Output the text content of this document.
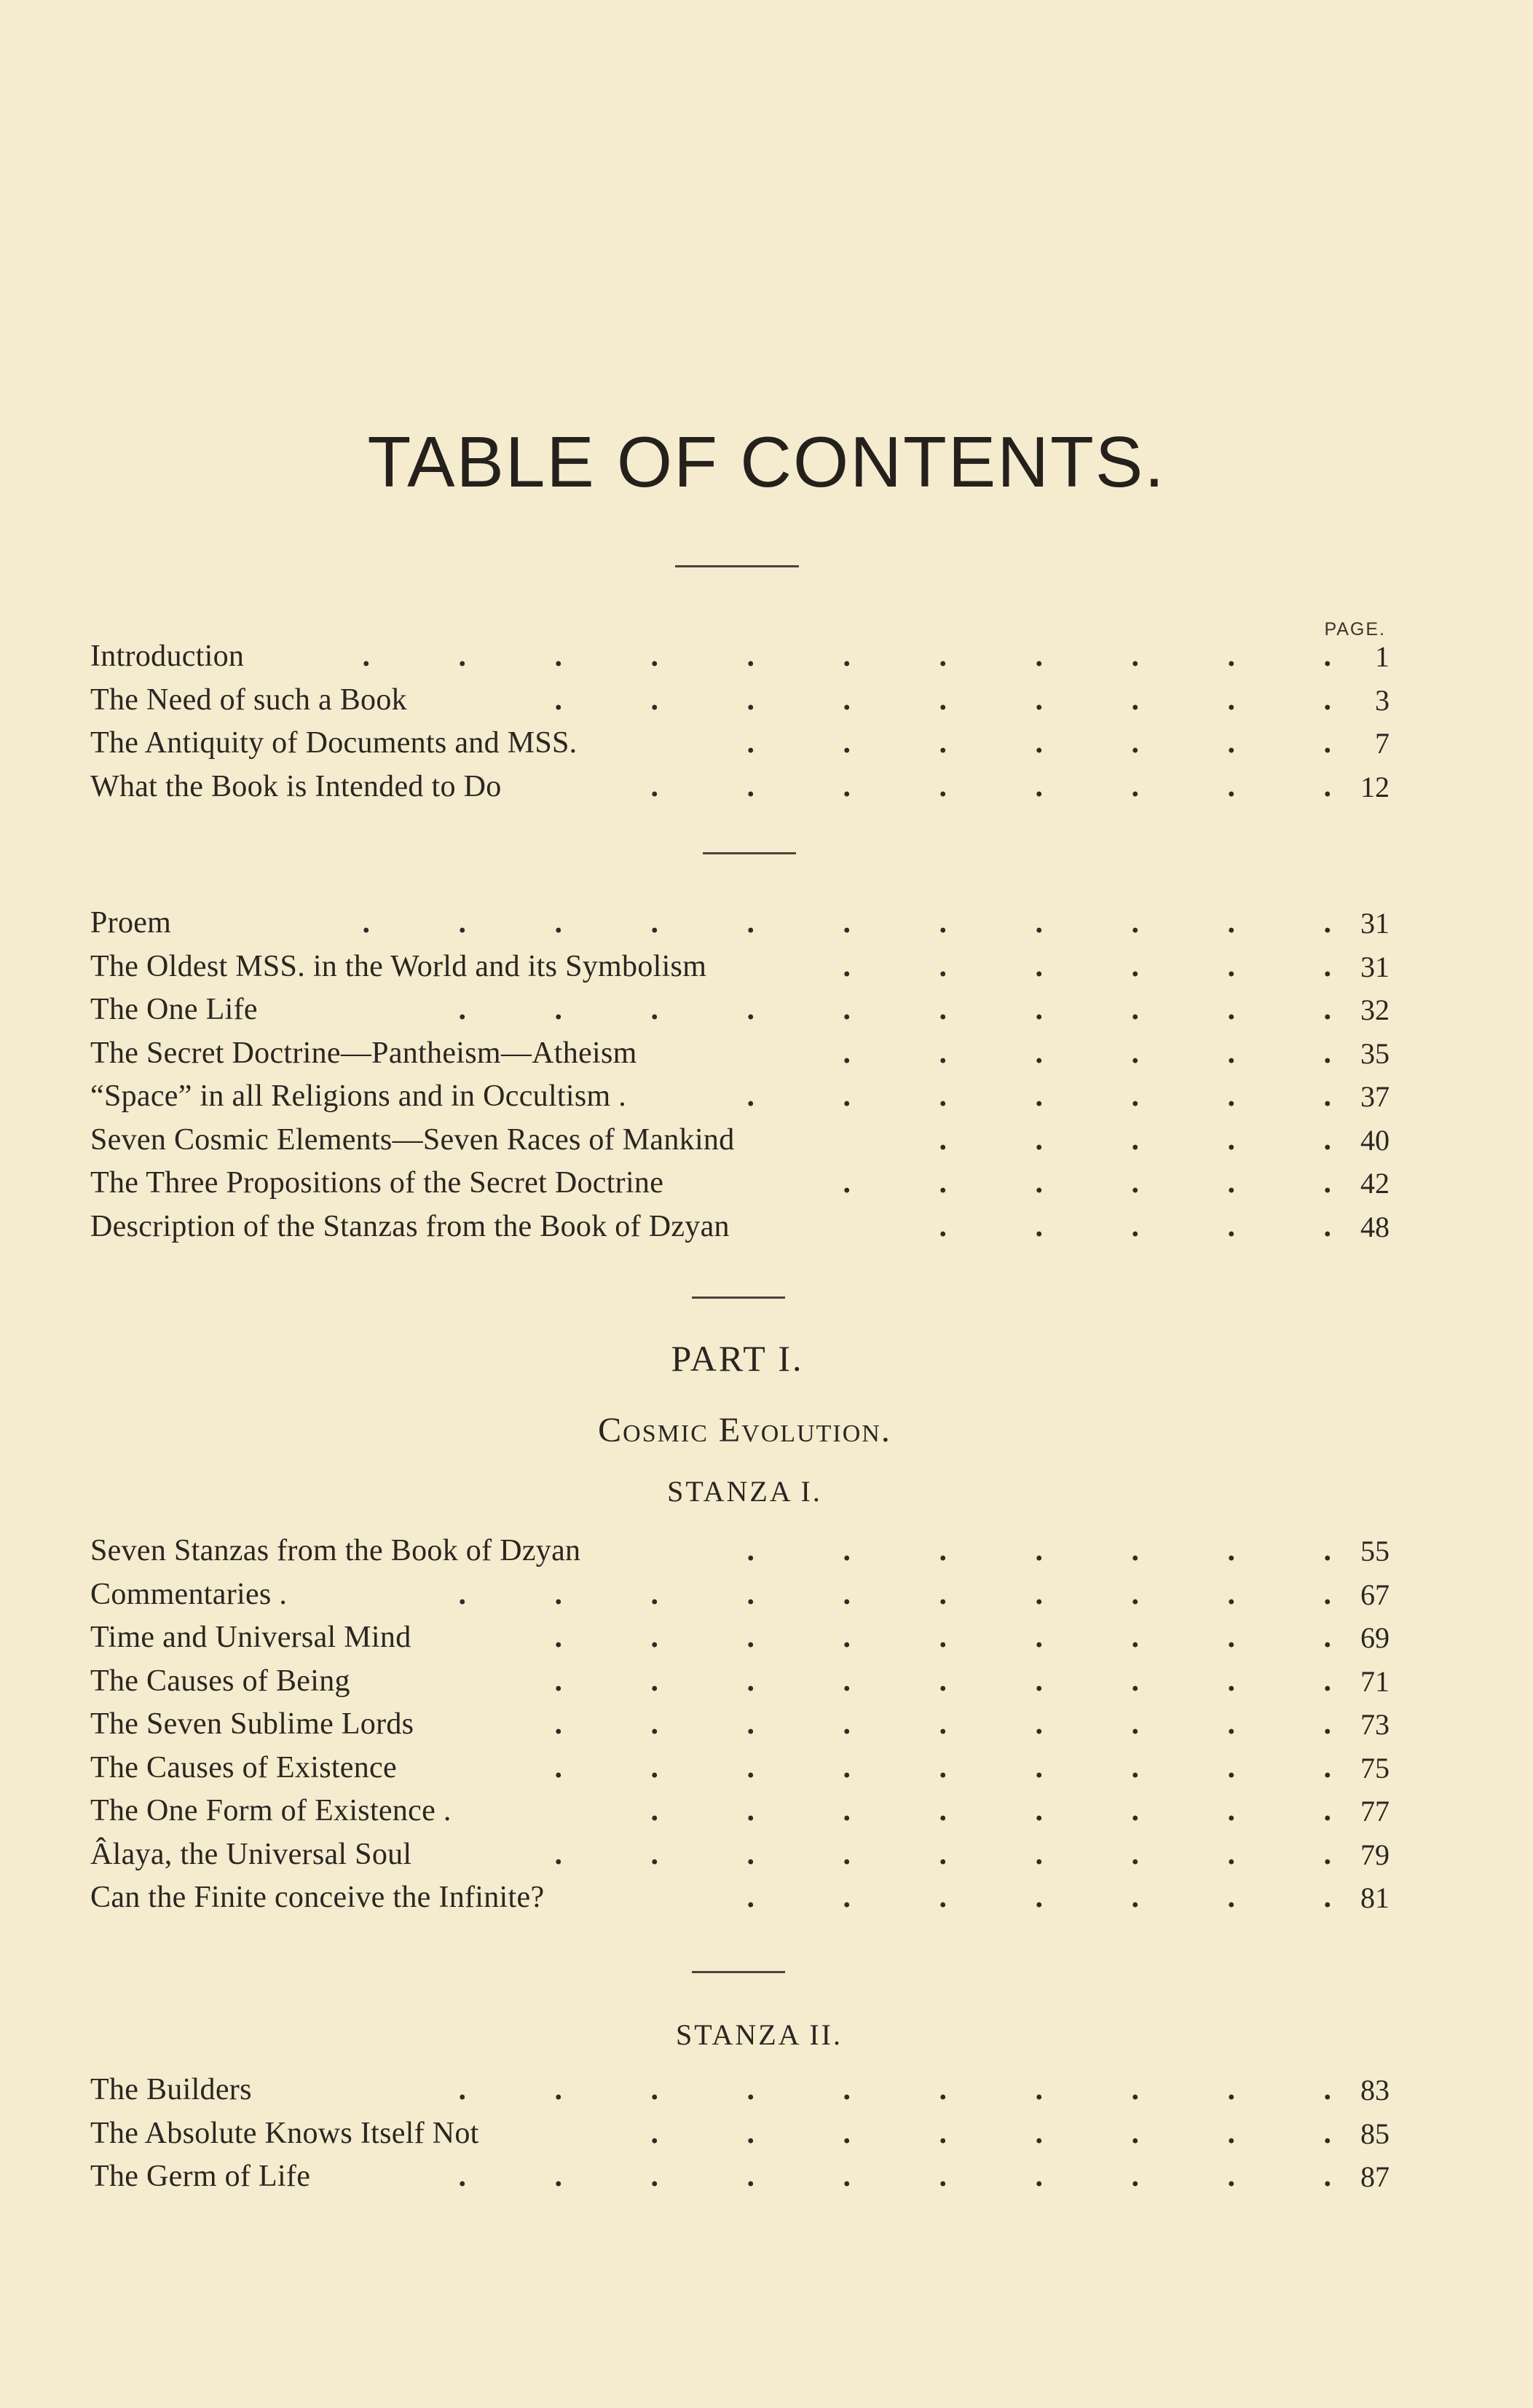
TABLE OF CONTENTS.
PAGE.
Introduction	1
.	.	.	.	.	.	.	.	.	.	.
The Need of such a Book	3
.	.	.	.	.	.	.	.	.
The Antiquity of Documents and MSS.	7
.	.	.	.	.	.	.
What the Book is Intended to Do	12
.	.	.	.	.	.	.	.
Proem	31
.	.	.	.	.	.	.	.	.	.	.
The Oldest MSS. in the World and its Symbolism	31
.	.	.	.	.	.
The One Life	32
.	.	.	.	.	.	.	.	.	.
The Secret Doctrine—Pantheism—Atheism	35
.	.	.	.	.	.
“Space” in all Religions and in Occultism .	37
.	.	.	.	.	.	.
Seven Cosmic Elements—Seven Races of Mankind	40
.	.	.	.	.
The Three Propositions of the Secret Doctrine	42
.	.	.	.	.	.
Description of the Stanzas from the Book of Dzyan	48
.	.	.	.	.
PART I.
Cosmic Evolution.
STANZA I.
Seven Stanzas from the Book of Dzyan	55
.	.	.	.	.	.	.
Commentaries .	67
.	.	.	.	.	.	.	.	.	.
Time and Universal Mind	69
.	.	.	.	.	.	.	.	.
The Causes of Being	71
.	.	.	.	.	.	.	.	.
The Seven Sublime Lords	73
.	.	.	.	.	.	.	.	.
The Causes of Existence	75
.	.	.	.	.	.	.	.	.
The One Form of Existence .	77
.	.	.	.	.	.	.	.
Âlaya, the Universal Soul	79
.	.	.	.	.	.	.	.	.
Can the Finite conceive the Infinite?	81
.	.	.	.	.	.	.
STANZA II.
The Builders	83
.	.	.	.	.	.	.	.	.	.
The Absolute Knows Itself Not	85
.	.	.	.	.	.	.	.
The Germ of Life	87
.	.	.	.	.	.	.	.	.	.
